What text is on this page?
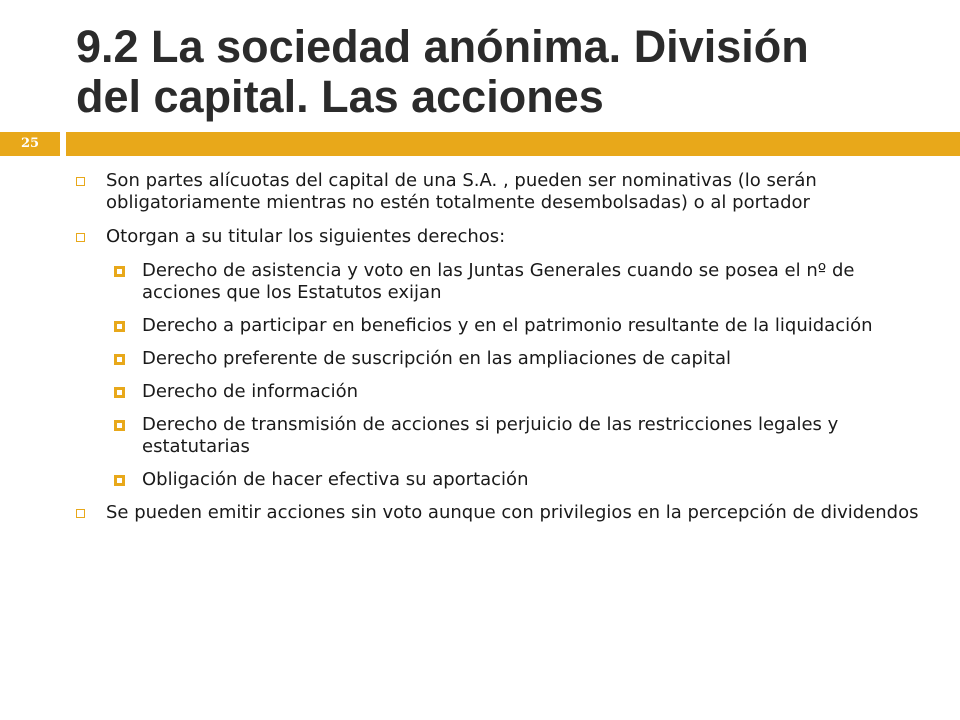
9.2 La sociedad anónima. División
del capital. Las acciones
25
Son partes alícuotas del capital de una S.A. , pueden ser nominativas (lo serán obligatoriamente mientras no estén totalmente desembolsadas) o al portador
Otorgan a su titular los siguientes derechos:
Derecho de asistencia y voto en las Juntas Generales cuando se posea el nº de acciones que los Estatutos exijan
Derecho a participar en beneficios y en el patrimonio resultante de la liquidación
Derecho preferente de suscripción en las ampliaciones de capital
Derecho de información
Derecho de transmisión de acciones si perjuicio de las restricciones legales y estatutarias
Obligación de hacer efectiva su aportación
Se pueden emitir acciones sin voto aunque con privilegios en la percepción de dividendos
